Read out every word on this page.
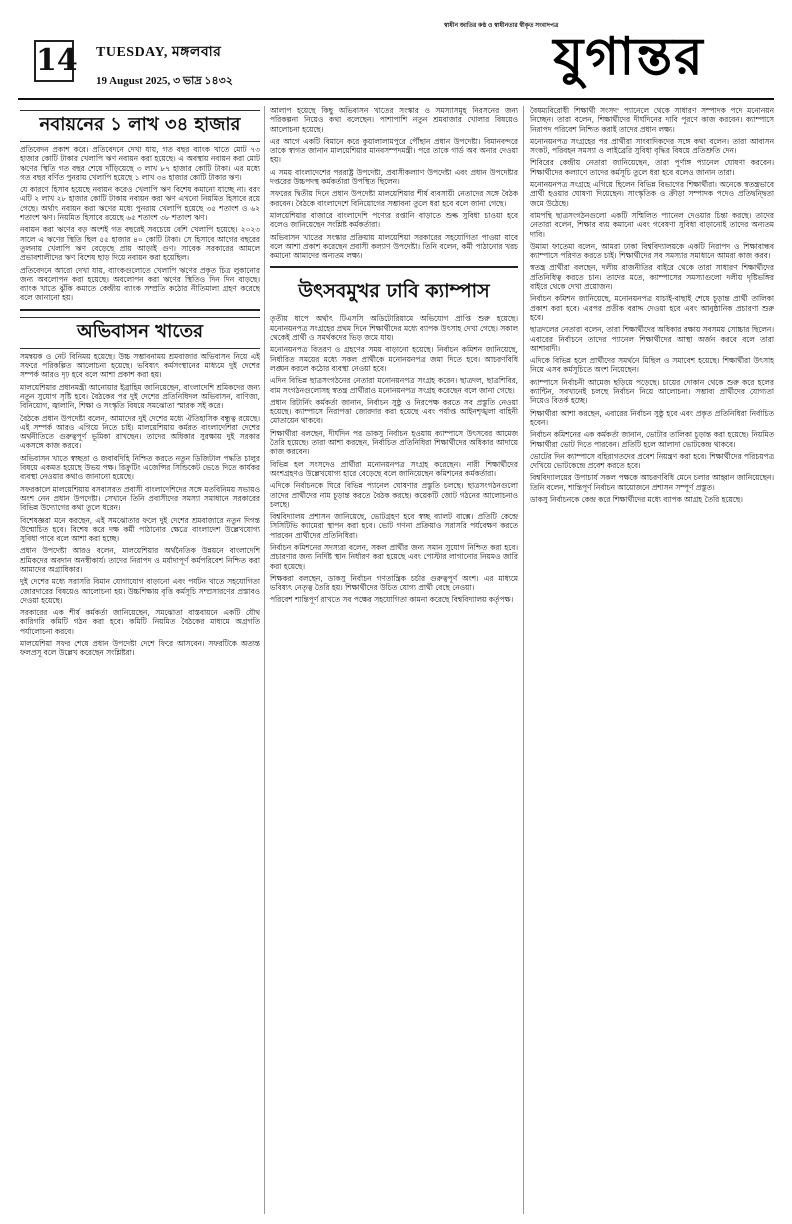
14 TUESDAY, মঙ্গলবার
19 August 2025, ৩ ভাদ্র ১৪৩২
স্বাধীন জাতির কণ্ঠ ও স্বাধীনতার স্বীকৃত সংবাদপত্র
যুগান্তর
নবায়নের ১ লাখ ৩৪ হাজার

প্রতিবেদন প্রকাশ করে। প্রতিবেদনে দেখা যায়, গত বছর ব্যাংক খাতে মোট ৭৩ হাজার কোটি টাকার খেলাপি ঋণ নবায়ন করা হয়েছে। এ অবস্থায় নবায়ন করা মোট ঋণের স্থিতি গত বছর শেষে দাঁড়িয়েছে ৩ লাখ ৮৭ হাজার কোটি টাকা। এর মধ্যে গত বছর বর্ণিত পুনরায় খেলাপি হয়েছে ১ লাখ ৩৪ হাজার কোটি টাকার ঋণ।

যে কারণে হিসাব হয়েছে নবায়ন করেও খেলাপি ঋণ বিশেষ কমানো যাচ্ছে না। বরং এটি ২ লাখ ২৮ হাজার কোটি টাকায় নবায়ন করা ঋণ এখনো নিয়মিত হিসাবে রয়ে গেছে। অর্থাৎ নবায়ন করা ঋণের মধ্যে পুনরায় খেলাপি হয়েছে ৩৫ শতাংশ ও ৬২ শতাংশ ঋণ। নিয়মিত হিসাবে রয়েছে ৬৫ শতাংশ ৩৮ শতাংশ ঋণ।

নবায়ন করা ঋণের বড় অংশই গত বছরেই সবচেয়ে বেশি খেলাপি হয়েছে। ২০২৩ সালে এ ঋণের স্থিতি ছিল ৫৫ হাজার ৪০ কোটি টাকা। সে হিসাবে আগের বছরের তুলনায় খেলাপি ঋণ বেড়েছে প্রায় আড়াই গুণ। সাবেক সরকারের আমলে প্রভাবশালীদের ঋণ বিশেষ ছাড় দিয়ে নবায়ন করা হয়েছিল।

প্রতিবেদনে আরো দেখা যায়, ব্যাংকগুলোতে খেলাপি ঋণের প্রকৃত চিত্র লুকানোর জন্য অবলোপন করা হয়েছে। অবলোপন করা ঋণের স্থিতিও দিন দিন বাড়ছে। ব্যাংক খাতে ঝুঁকি কমাতে কেন্দ্রীয় ব্যাংক সম্প্রতি কঠোর নীতিমালা গ্রহণ করেছে বলে জানানো হয়।

অভিবাসন খাতের

সমন্বয়ক ও নেট বিনিময় হয়েছে। উচ্চ সম্ভাবনাময় শ্রমবাজার অভিবাসন নিয়ে এই সফরে পরিকল্পিত আলোচনা হয়েছে। ভবিষ্যৎ কর্মসংস্থানের মাধ্যমে দুই দেশের সম্পর্ক আরও দৃঢ় হবে বলে আশা প্রকাশ করা হয়।

মালয়েশিয়ার প্রধানমন্ত্রী আনোয়ার ইব্রাহিম জানিয়েছেন, বাংলাদেশি শ্রমিকদের জন্য নতুন সুযোগ সৃষ্টি হবে। বৈঠকের পর দুই দেশের প্রতিনিধিদল অভিবাসন, বাণিজ্য, বিনিয়োগ, জ্বালানি, শিক্ষা ও সংস্কৃতি বিষয়ে সমঝোতা স্মারক সই করে।

বৈঠকে প্রধান উপদেষ্টা বলেন, আমাদের দুই দেশের মধ্যে ঐতিহাসিক বন্ধুত্ব রয়েছে। এই সম্পর্ক আরও এগিয়ে নিতে চাই। মালয়েশিয়ায় কর্মরত বাংলাদেশিরা দেশের অর্থনীতিতে গুরুত্বপূর্ণ ভূমিকা রাখছেন। তাদের অধিকার সুরক্ষায় দুই সরকার একসঙ্গে কাজ করবে।

অভিবাসন খাতে স্বচ্ছতা ও জবাবদিহি নিশ্চিত করতে নতুন ডিজিটাল পদ্ধতি চালুর বিষয়ে একমত হয়েছে উভয় পক্ষ। রিক্রুটিং এজেন্সির সিন্ডিকেট ভেঙে দিতে কার্যকর ব্যবস্থা নেওয়ার কথাও জানানো হয়েছে।

সফরকালে মালয়েশিয়ায় বসবাসরত প্রবাসী বাংলাদেশিদের সঙ্গে মতবিনিময় সভায়ও অংশ নেন প্রধান উপদেষ্টা। সেখানে তিনি প্রবাসীদের সমস্যা সমাধানে সরকারের বিভিন্ন উদ্যোগের কথা তুলে ধরেন।

বিশেষজ্ঞরা মনে করছেন, এই সমঝোতার ফলে দুই দেশের শ্রমবাজারে নতুন দিগন্ত উন্মোচিত হবে। বিশেষ করে দক্ষ কর্মী পাঠানোর ক্ষেত্রে বাংলাদেশ উল্লেখযোগ্য সুবিধা পাবে বলে আশা করা হচ্ছে।

প্রধান উপদেষ্টা আরও বলেন, মালয়েশিয়ার অর্থনৈতিক উন্নয়নে বাংলাদেশি শ্রমিকদের অবদান অনস্বীকার্য। তাদের নিরাপদ ও মর্যাদাপূর্ণ কর্মপরিবেশ নিশ্চিত করা আমাদের অগ্রাধিকার।

দুই দেশের মধ্যে সরাসরি বিমান যোগাযোগ বাড়ানো এবং পর্যটন খাতে সহযোগিতা জোরদারের বিষয়েও আলোচনা হয়। উচ্চশিক্ষায় বৃত্তি কর্মসূচি সম্প্রসারণের প্রস্তাবও দেওয়া হয়েছে।

সরকারের এক শীর্ষ কর্মকর্তা জানিয়েছেন, সমঝোতা বাস্তবায়নে একটি যৌথ কারিগরি কমিটি গঠন করা হবে। কমিটি নিয়মিত বৈঠকের মাধ্যমে অগ্রগতি পর্যালোচনা করবে।

মালয়েশিয়া সফর শেষে প্রধান উপদেষ্টা দেশে ফিরে আসবেন। সফরটিকে অত্যন্ত ফলপ্রসূ বলে উল্লেখ করেছেন সংশ্লিষ্টরা।

আলাপ হয়েছে কিছু অভিবাসন খাতের সংস্কার ও সমস্যাসমূহ নিরসনের জন্য পরিকল্পনা নিয়েও কথা বলেছেন। পাশাপাশি নতুন শ্রমবাজার খোলার বিষয়েও আলোচনা হয়েছে।

এর আগে একটি বিমানে করে কুয়ালালামপুরে পৌঁছান প্রধান উপদেষ্টা। বিমানবন্দরে তাকে স্বাগত জানান মালয়েশিয়ার মানবসম্পদমন্ত্রী। পরে তাকে গার্ড অব অনার দেওয়া হয়।

এ সময় বাংলাদেশের পররাষ্ট্র উপদেষ্টা, প্রবাসীকল্যাণ উপদেষ্টা এবং প্রধান উপদেষ্টার দপ্তরের উচ্চপদস্থ কর্মকর্তারা উপস্থিত ছিলেন।

সফরের দ্বিতীয় দিনে প্রধান উপদেষ্টা মালয়েশিয়ার শীর্ষ ব্যবসায়ী নেতাদের সঙ্গে বৈঠক করবেন। বৈঠকে বাংলাদেশে বিনিয়োগের সম্ভাবনা তুলে ধরা হবে বলে জানা গেছে।

মালয়েশিয়ার বাজারে বাংলাদেশি পণ্যের রপ্তানি বাড়াতে শুল্ক সুবিধা চাওয়া হবে বলেও জানিয়েছেন সংশ্লিষ্ট কর্মকর্তারা।

অভিবাসন খাতের সংস্কার প্রক্রিয়ায় মালয়েশিয়া সরকারের সহযোগিতা পাওয়া যাবে বলে আশা প্রকাশ করেছেন প্রবাসী কল্যাণ উপদেষ্টা। তিনি বলেন, কর্মী পাঠানোর খরচ কমানো আমাদের অন্যতম লক্ষ্য।

উৎসবমুখর ঢাবি ক্যাম্পাস

তৃতীয় ধাপে অর্থাৎ টিএসসি অডিটোরিয়ামে অভিযোগ প্রাপ্তি শুরু হয়েছে। মনোনয়নপত্র সংগ্রহের প্রথম দিনে শিক্ষার্থীদের মধ্যে ব্যাপক উৎসাহ দেখা গেছে। সকাল থেকেই প্রার্থী ও সমর্থকদের ভিড় জমে যায়।

মনোনয়নপত্র বিতরণ ও গ্রহণের সময় বাড়ানো হয়েছে। নির্বাচন কমিশন জানিয়েছে, নির্ধারিত সময়ের মধ্যে সকল প্রার্থীকে মনোনয়নপত্র জমা দিতে হবে। আচরণবিধি লঙ্ঘন করলে কঠোর ব্যবস্থা নেওয়া হবে।

এদিন বিভিন্ন ছাত্রসংগঠনের নেতারা মনোনয়নপত্র সংগ্রহ করেন। ছাত্রদল, ছাত্রশিবির, বাম সংগঠনগুলোসহ স্বতন্ত্র প্রার্থীরাও মনোনয়নপত্র সংগ্রহ করেছেন বলে জানা গেছে।

প্রধান রিটার্নিং কর্মকর্তা জানান, নির্বাচন সুষ্ঠু ও নিরপেক্ষ করতে সব প্রস্তুতি নেওয়া হয়েছে। ক্যাম্পাসে নিরাপত্তা জোরদার করা হয়েছে এবং পর্যাপ্ত আইনশৃঙ্খলা বাহিনী মোতায়েন থাকবে।

শিক্ষার্থীরা বলছেন, দীর্ঘদিন পর ডাকসু নির্বাচন হওয়ায় ক্যাম্পাসে উৎসবের আমেজ তৈরি হয়েছে। তারা আশা করছেন, নির্বাচিত প্রতিনিধিরা শিক্ষার্থীদের অধিকার আদায়ে কাজ করবেন।

বিভিন্ন হল সংসদেও প্রার্থীরা মনোনয়নপত্র সংগ্রহ করেছেন। নারী শিক্ষার্থীদের অংশগ্রহণও উল্লেখযোগ্য হারে বেড়েছে বলে জানিয়েছেন কমিশনের কর্মকর্তারা।

এদিকে নির্বাচনকে ঘিরে বিভিন্ন প্যানেল ঘোষণার প্রস্তুতি চলছে। ছাত্রসংগঠনগুলো তাদের প্রার্থীদের নাম চূড়ান্ত করতে বৈঠক করছে। কয়েকটি জোট গঠনের আলোচনাও চলছে।

বিশ্ববিদ্যালয় প্রশাসন জানিয়েছে, ভোটগ্রহণ হবে স্বচ্ছ ব্যালট বাক্সে। প্রতিটি কেন্দ্রে সিসিটিভি ক্যামেরা স্থাপন করা হবে। ভোট গণনা প্রক্রিয়াও সরাসরি পর্যবেক্ষণ করতে পারবেন প্রার্থীদের প্রতিনিধিরা।

নির্বাচন কমিশনের সদস্যরা বলেন, সকল প্রার্থীর জন্য সমান সুযোগ নিশ্চিত করা হবে। প্রচারণার জন্য নির্দিষ্ট স্থান নির্ধারণ করা হয়েছে এবং পোস্টার লাগানোর নিয়মও জারি করা হয়েছে।

শিক্ষকরা বলছেন, ডাকসু নির্বাচন গণতান্ত্রিক চর্চার গুরুত্বপূর্ণ অংশ। এর মাধ্যমে ভবিষ্যৎ নেতৃত্ব তৈরি হয়। শিক্ষার্থীদের উচিত যোগ্য প্রার্থী বেছে নেওয়া।

পরিবেশ শান্তিপূর্ণ রাখতে সব পক্ষের সহযোগিতা কামনা করেছে বিশ্ববিদ্যালয় কর্তৃপক্ষ।

বৈষম্যবিরোধী শিক্ষার্থী সংসদ' প্যানেলে থেকে সাধারণ সম্পাদক পদে মনোনয়ন নিচ্ছেন। তারা বলেন, শিক্ষার্থীদের দীর্ঘদিনের দাবি পূরণে কাজ করবেন। ক্যাম্পাসে নিরাপদ পরিবেশ নিশ্চিত করাই তাদের প্রধান লক্ষ্য।

মনোনয়নপত্র সংগ্রহের পর প্রার্থীরা সাংবাদিকদের সঙ্গে কথা বলেন। তারা আবাসন সংকট, পরিবহন সমস্যা ও লাইব্রেরি সুবিধা বৃদ্ধির বিষয়ে প্রতিশ্রুতি দেন।

শিবিরের কেন্দ্রীয় নেতারা জানিয়েছেন, তারা পূর্ণাঙ্গ প্যানেল ঘোষণা করবেন। শিক্ষার্থীদের কল্যাণে তাদের কর্মসূচি তুলে ধরা হবে বলেও জানান তারা।

মনোনয়নপত্র সংগ্রহে এগিয়ে ছিলেন বিভিন্ন বিভাগের শিক্ষার্থীরা। অনেকে স্বতন্ত্রভাবে প্রার্থী হওয়ার ঘোষণা দিয়েছেন। সাংস্কৃতিক ও ক্রীড়া সম্পাদক পদেও প্রতিদ্বন্দ্বিতা জমে উঠেছে।

বামপন্থি ছাত্রসংগঠনগুলো একটি সম্মিলিত প্যানেল দেওয়ার চিন্তা করছে। তাদের নেতারা বলেন, শিক্ষার ব্যয় কমানো এবং গবেষণা সুবিধা বাড়ানোই তাদের অন্যতম দাবি।

উমামা ফাতেমা বলেন, আমরা ঢাকা বিশ্ববিদ্যালয়কে একটি নিরাপদ ও শিক্ষাবান্ধব ক্যাম্পাসে পরিণত করতে চাই। শিক্ষার্থীদের সব সমস্যার সমাধানে আমরা কাজ করব।

স্বতন্ত্র প্রার্থীরা বলছেন, দলীয় রাজনীতির বাইরে থেকে তারা সাধারণ শিক্ষার্থীদের প্রতিনিধিত্ব করতে চান। তাদের মতে, ক্যাম্পাসের সমস্যাগুলো দলীয় দৃষ্টিভঙ্গির বাইরে থেকে দেখা প্রয়োজন।

নির্বাচন কমিশন জানিয়েছে, মনোনয়নপত্র যাচাই-বাছাই শেষে চূড়ান্ত প্রার্থী তালিকা প্রকাশ করা হবে। এরপর প্রতীক বরাদ্দ দেওয়া হবে এবং আনুষ্ঠানিক প্রচারণা শুরু হবে।

ছাত্রদলের নেতারা বলেন, তারা শিক্ষার্থীদের অধিকার রক্ষায় সবসময় সোচ্চার ছিলেন। এবারের নির্বাচনে তাদের প্যানেল শিক্ষার্থীদের আস্থা অর্জন করবে বলে তারা আশাবাদী।

এদিকে বিভিন্ন হলে প্রার্থীদের সমর্থনে মিছিল ও সমাবেশ হয়েছে। শিক্ষার্থীরা উৎসাহ নিয়ে এসব কর্মসূচিতে অংশ নিয়েছেন।

ক্যাম্পাসে নির্বাচনী আমেজ ছড়িয়ে পড়েছে। চায়ের দোকান থেকে শুরু করে হলের ক্যান্টিন, সবখানেই চলছে নির্বাচন নিয়ে আলোচনা। সম্ভাব্য প্রার্থীদের যোগ্যতা নিয়েও বিতর্ক হচ্ছে।

শিক্ষার্থীরা আশা করছেন, এবারের নির্বাচন সুষ্ঠু হবে এবং প্রকৃত প্রতিনিধিরা নির্বাচিত হবেন।

নির্বাচন কমিশনের এক কর্মকর্তা জানান, ভোটার তালিকা চূড়ান্ত করা হয়েছে। নিয়মিত শিক্ষার্থীরা ভোট দিতে পারবেন। প্রতিটি হলে আলাদা ভোটকেন্দ্র থাকবে।

ভোটের দিন ক্যাম্পাসে বহিরাগতদের প্রবেশ নিয়ন্ত্রণ করা হবে। শিক্ষার্থীদের পরিচয়পত্র দেখিয়ে ভোটকেন্দ্রে প্রবেশ করতে হবে।

বিশ্ববিদ্যালয়ের উপাচার্য সকল পক্ষকে আচরণবিধি মেনে চলার আহ্বান জানিয়েছেন। তিনি বলেন, শান্তিপূর্ণ নির্বাচন আয়োজনে প্রশাসন সম্পূর্ণ প্রস্তুত।

ডাকসু নির্বাচনকে কেন্দ্র করে শিক্ষার্থীদের মধ্যে ব্যাপক আগ্রহ তৈরি হয়েছে।
